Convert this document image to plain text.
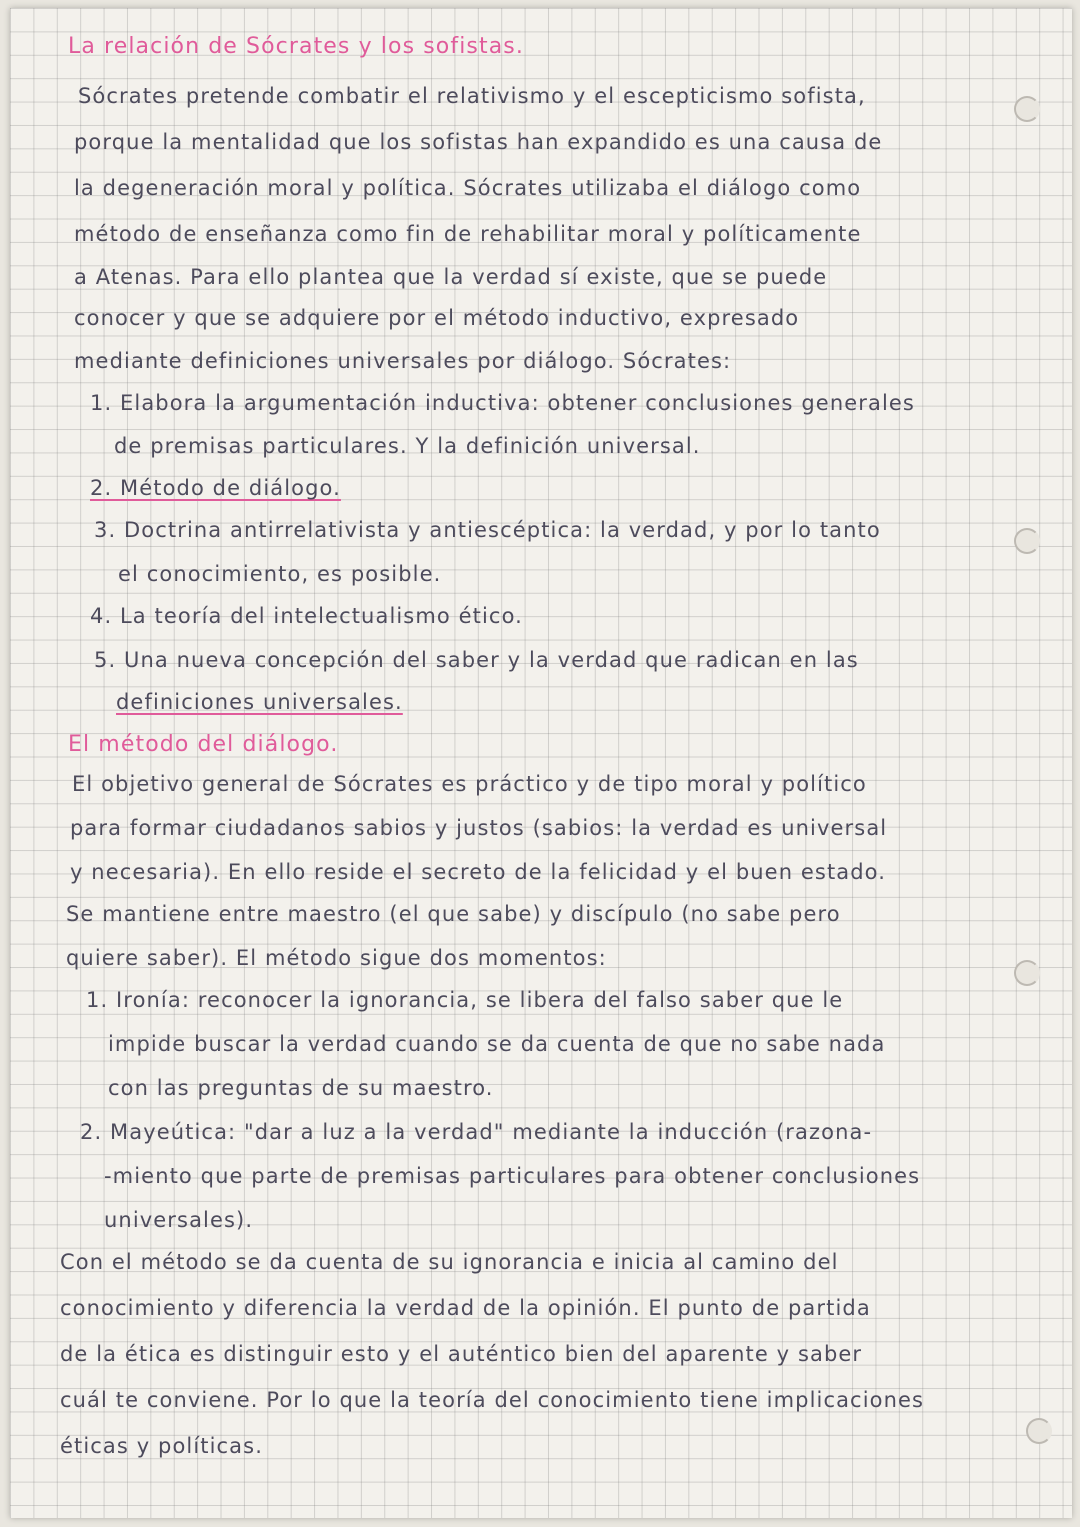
La relación de Sócrates y los sofistas.
Sócrates pretende combatir el relativismo y el escepticismo sofista,
porque la mentalidad que los sofistas han expandido es una causa de
la degeneración moral y política. Sócrates utilizaba el diálogo como
método de enseñanza como fin de rehabilitar moral y políticamente
a Atenas. Para ello plantea que la verdad sí existe, que se puede
conocer y que se adquiere por el método inductivo, expresado
mediante definiciones universales por diálogo. Sócrates:
1. Elabora la argumentación inductiva: obtener conclusiones generales
de premisas particulares. Y la definición universal.
2. Método de diálogo.
3. Doctrina antirrelativista y antiescéptica: la verdad, y por lo tanto
el conocimiento, es posible.
4. La teoría del intelectualismo ético.
5. Una nueva concepción del saber y la verdad que radican en las
definiciones universales.
El método del diálogo.
El objetivo general de Sócrates es práctico y de tipo moral y político
para formar ciudadanos sabios y justos (sabios: la verdad es universal
y necesaria). En ello reside el secreto de la felicidad y el buen estado.
Se mantiene entre maestro (el que sabe) y discípulo (no sabe pero
quiere saber). El método sigue dos momentos:
1. Ironía: reconocer la ignorancia, se libera del falso saber que le
impide buscar la verdad cuando se da cuenta de que no sabe nada
con las preguntas de su maestro.
2. Mayeútica: "dar a luz a la verdad" mediante la inducción (razona-
-miento que parte de premisas particulares para obtener conclusiones
universales).
Con el método se da cuenta de su ignorancia e inicia al camino del
conocimiento y diferencia la verdad de la opinión. El punto de partida
de la ética es distinguir esto y el auténtico bien del aparente y saber
cuál te conviene. Por lo que la teoría del conocimiento tiene implicaciones
éticas y políticas.
